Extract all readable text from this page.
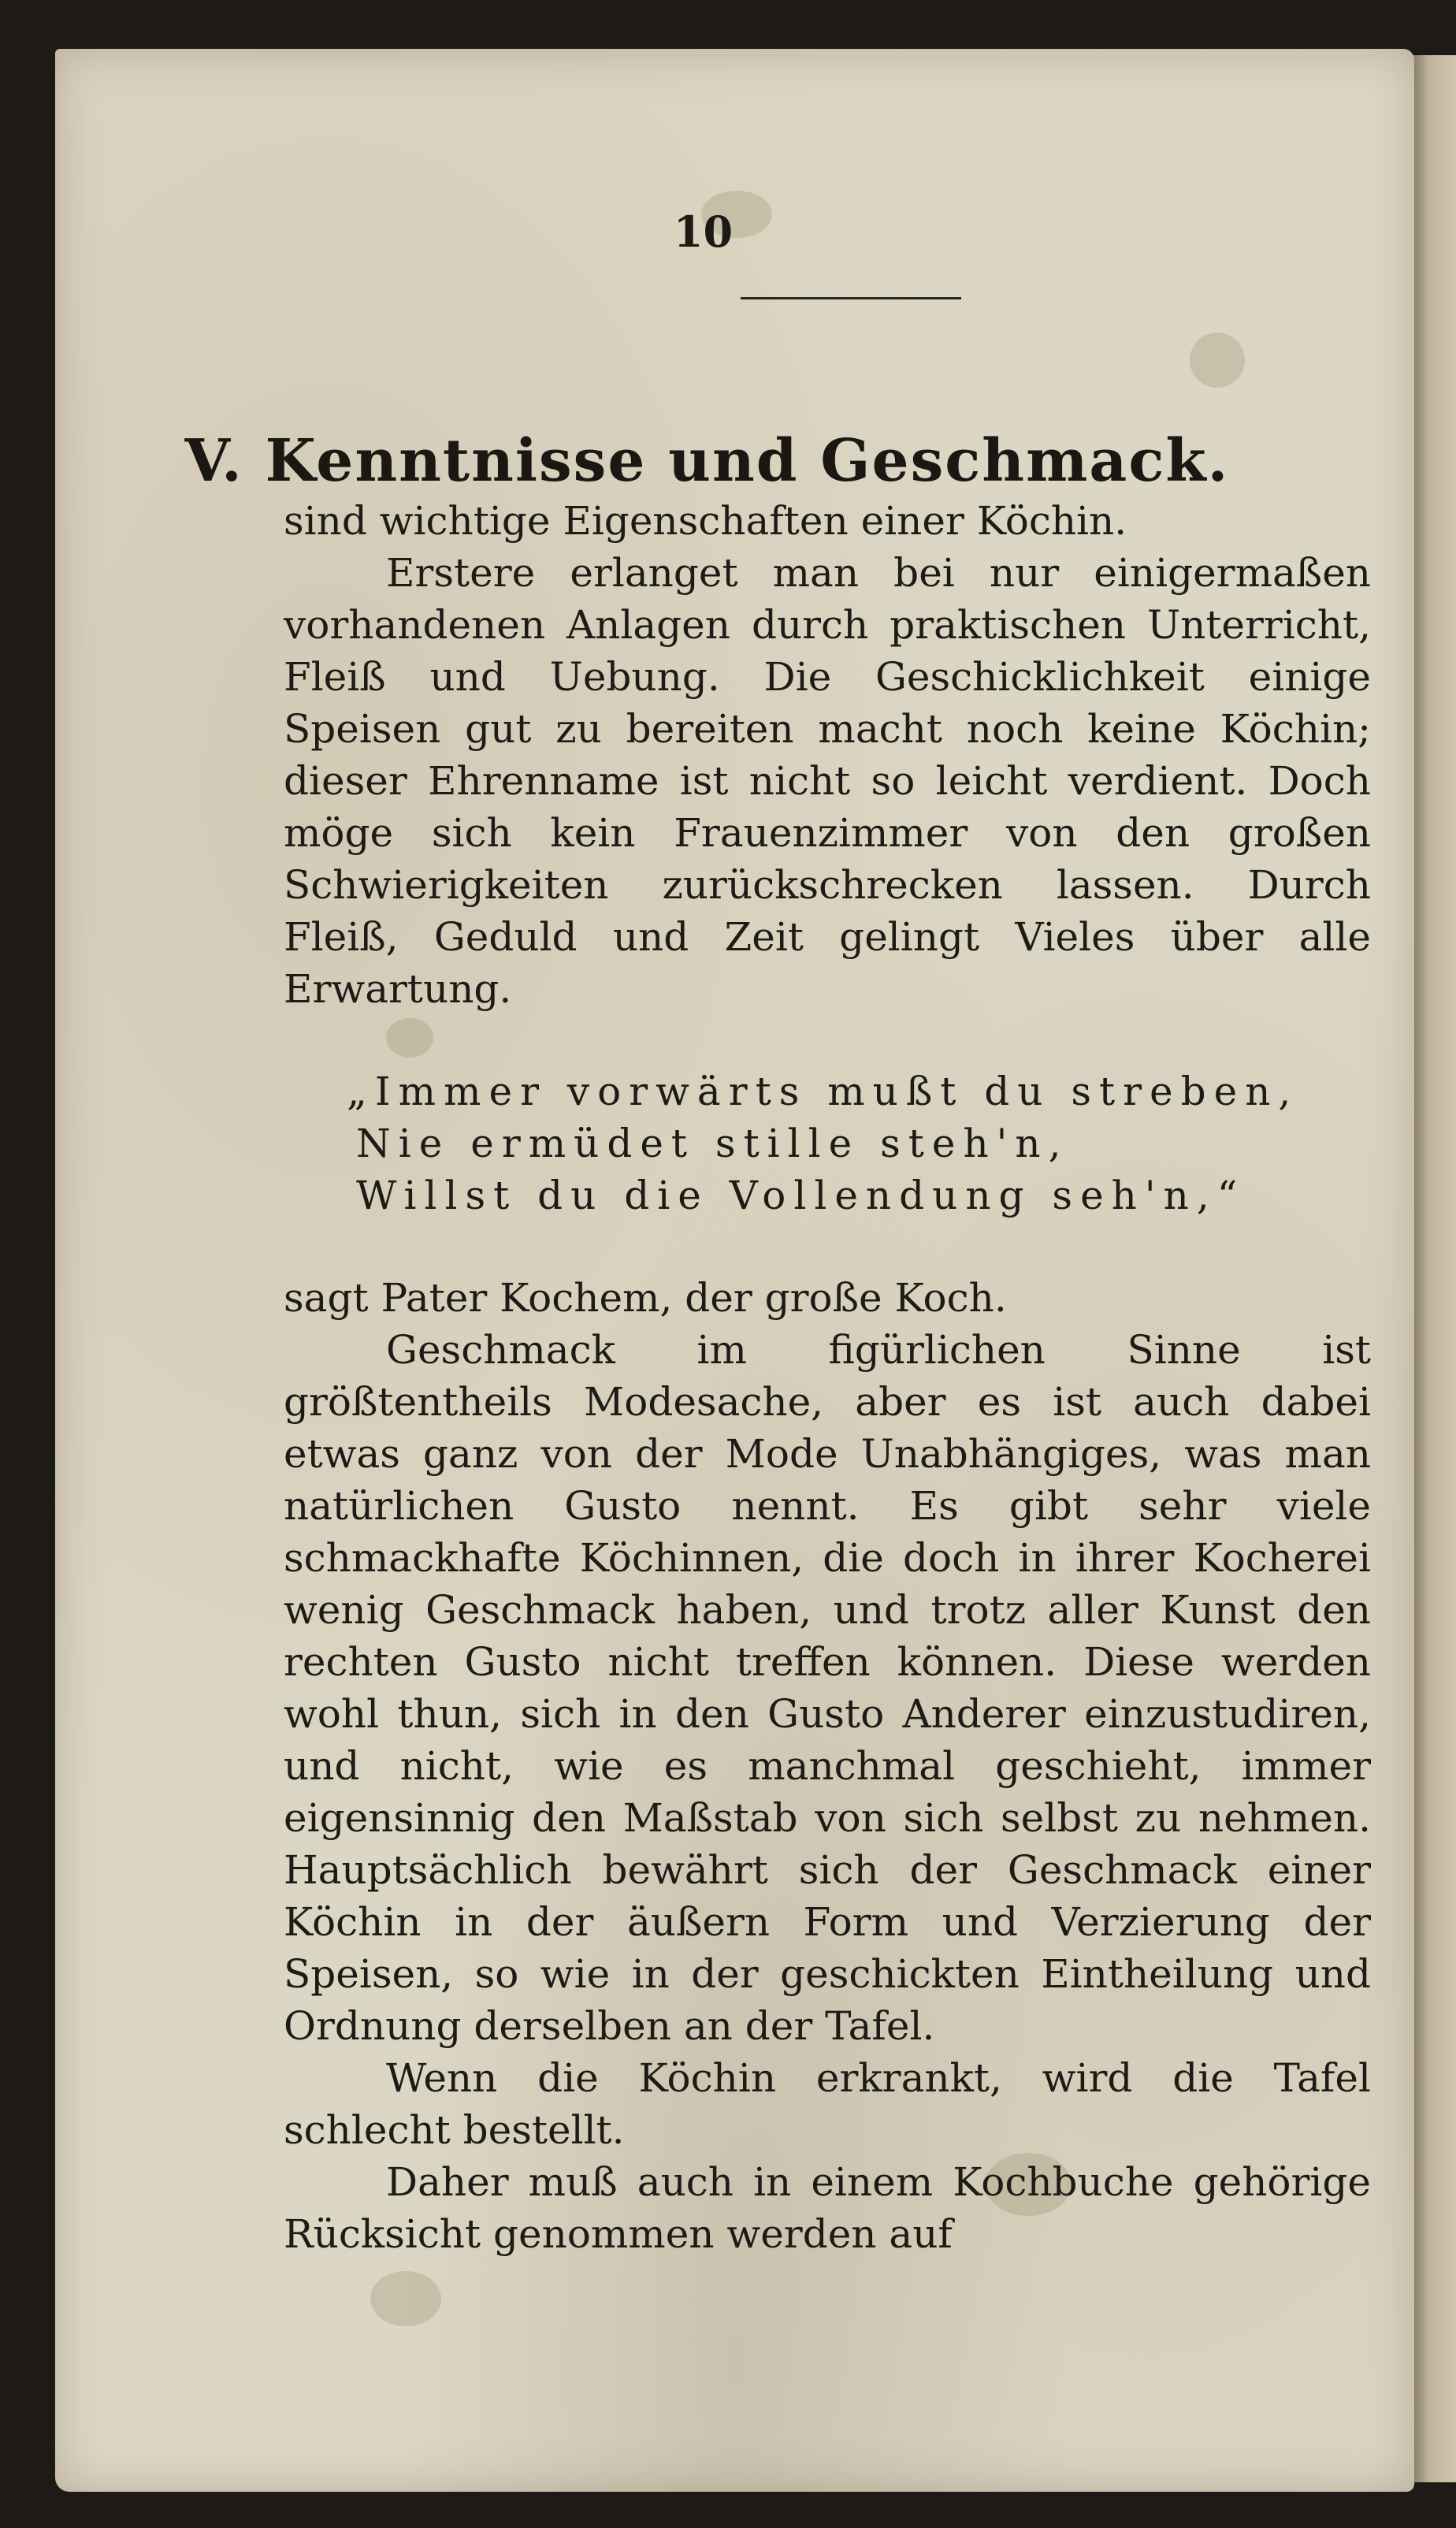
10
V. Kenntnisse und Geschmack.

sind wichtige Eigenschaften einer Köchin.

Erstere erlanget man bei nur einigermaßen vorhandenen Anlagen durch praktischen Unterricht, Fleiß und Uebung. Die Geschicklichkeit einige Speisen gut zu bereiten macht noch keine Köchin; dieser Ehrenname ist nicht so leicht verdient. Doch möge sich kein Frauenzimmer von den großen Schwierigkeiten zurückschrecken lassen. Durch Fleiß, Geduld und Zeit gelingt Vieles über alle Erwartung.

„Immer vorwärts mußt du streben,
Nie ermüdet stille steh'n,
Willst du die Vollendung seh'n,“

sagt Pater Kochem, der große Koch.

Geschmack im figürlichen Sinne ist größtentheils Modesache, aber es ist auch dabei etwas ganz von der Mode Unabhängiges, was man natürlichen Gusto nennt. Es gibt sehr viele schmackhafte Köchinnen, die doch in ihrer Kocherei wenig Geschmack haben, und trotz aller Kunst den rechten Gusto nicht treffen können. Diese werden wohl thun, sich in den Gusto Anderer einzustudiren, und nicht, wie es manchmal geschieht, immer eigensinnig den Maßstab von sich selbst zu nehmen. Hauptsächlich bewährt sich der Geschmack einer Köchin in der äußern Form und Verzierung der Speisen, so wie in der geschickten Eintheilung und Ordnung derselben an der Tafel.

Wenn die Köchin erkrankt, wird die Tafel schlecht bestellt.

Daher muß auch in einem Kochbuche gehörige Rücksicht genommen werden auf
